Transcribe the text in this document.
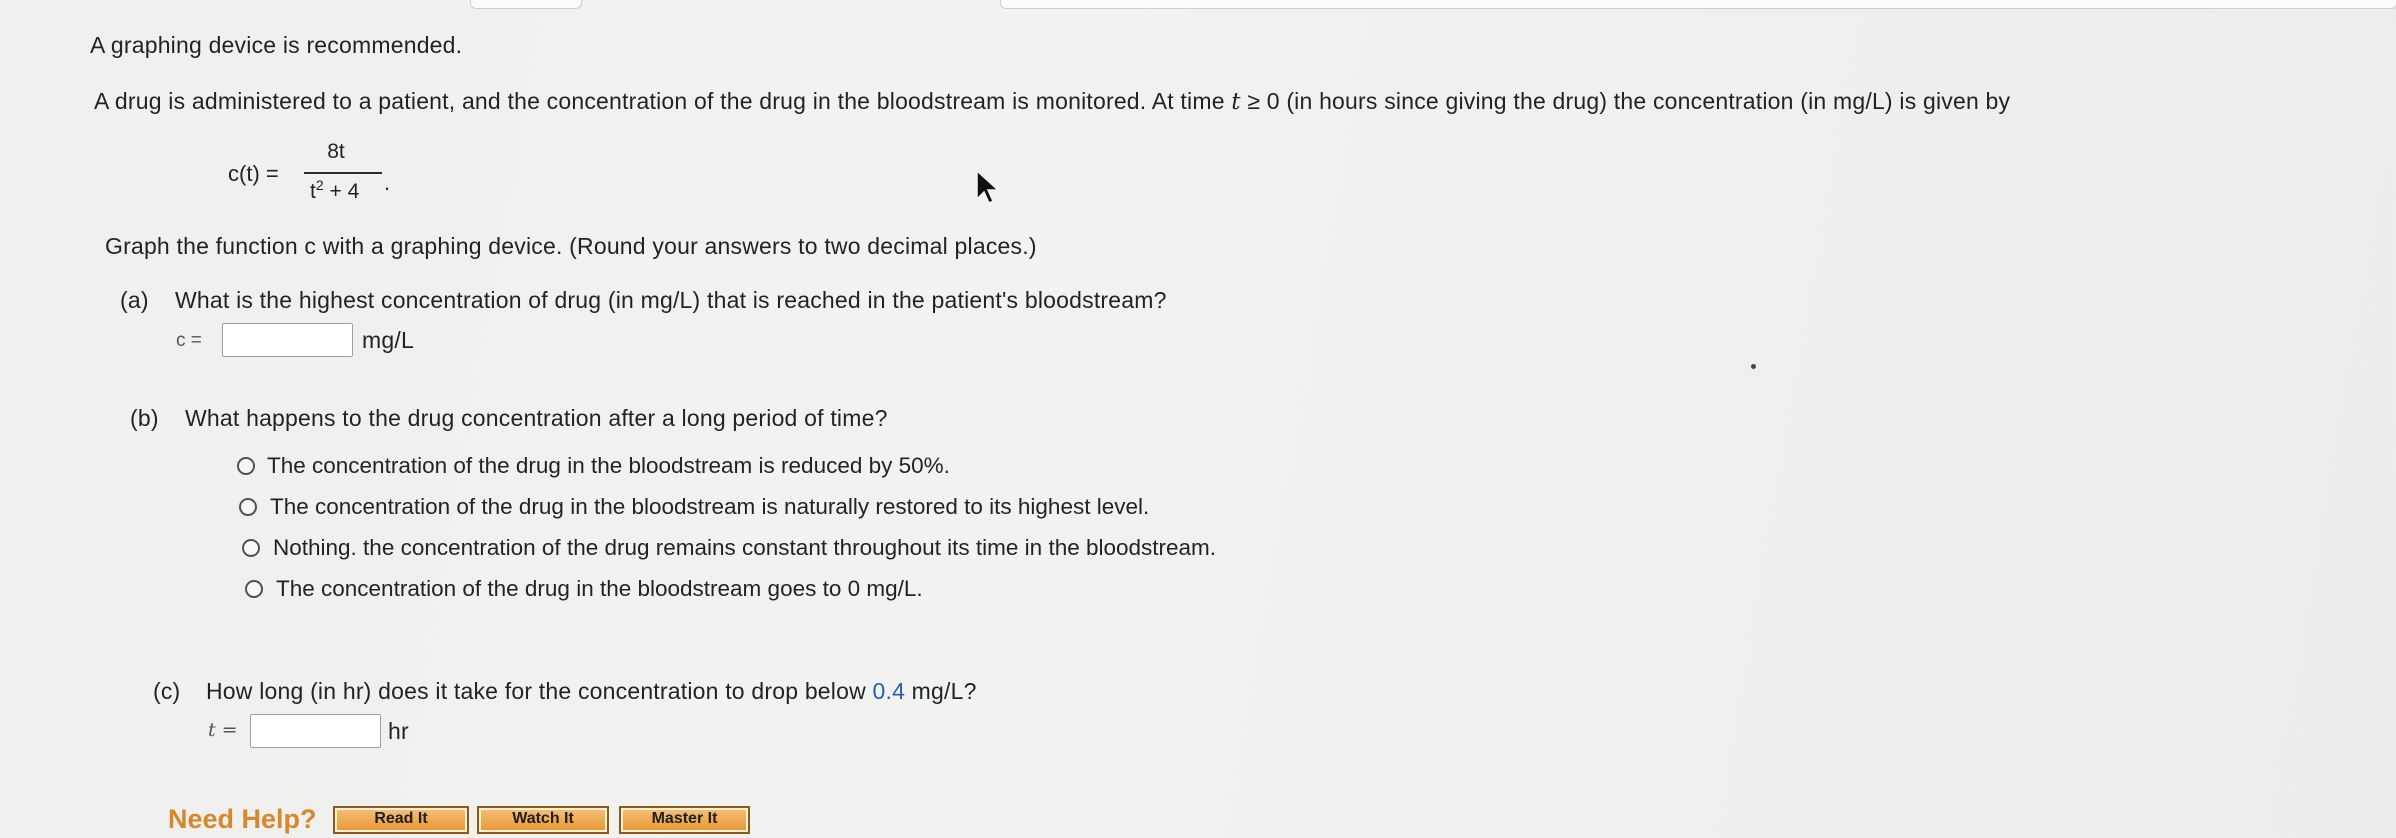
A graphing device is recommended.
A drug is administered to a patient, and the concentration of the drug in the bloodstream is monitored. At time t ≥ 0 (in hours since giving the drug) the concentration (in mg/L) is given by
c(t) =
8t
$t^2 + 4$ .
Graph the function c with a graphing device. (Round your answers to two decimal places.)
(a) What is the highest concentration of drug (in mg/L) that is reached in the patient's bloodstream?
c =	mg/L
(b) What happens to the drug concentration after a long period of time?
The concentration of the drug in the bloodstream is reduced by 50%.
The concentration of the drug in the bloodstream is naturally restored to its highest level.
Nothing. the concentration of the drug remains constant throughout its time in the bloodstream.
The concentration of the drug in the bloodstream goes to 0 mg/L.
(c) How long (in hr) does it take for the concentration to drop below 0.4 mg/L?
t =	hr
Need Help?	Read It	Watch It	Master It
